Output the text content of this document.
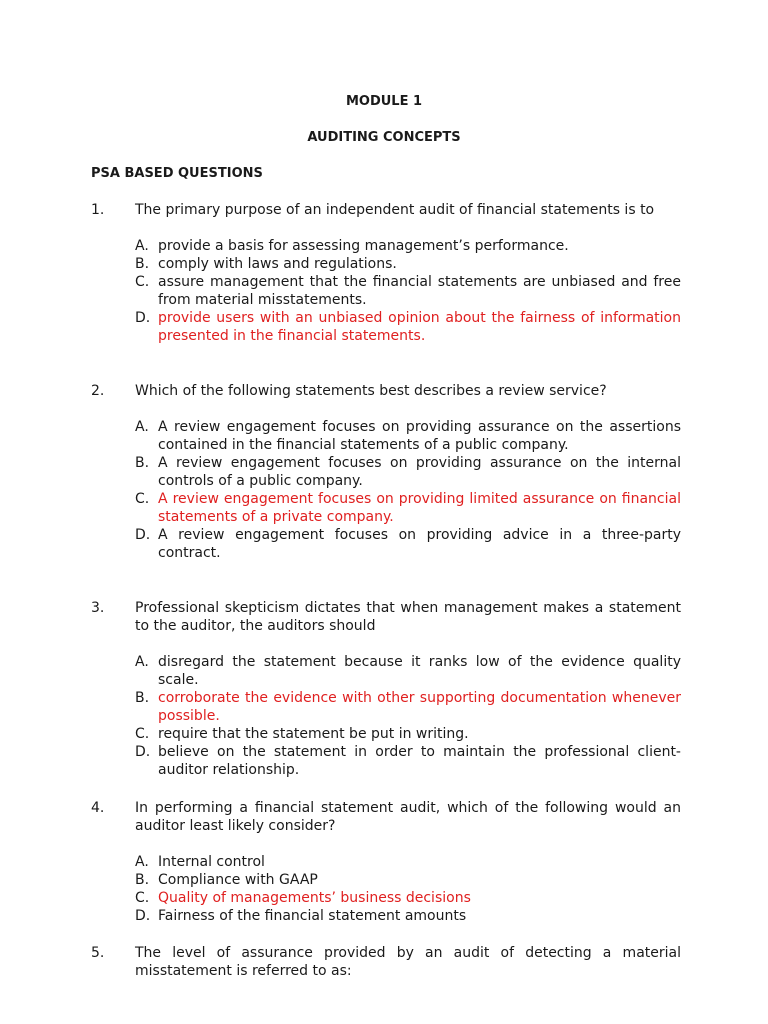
MODULE 1
AUDITING CONCEPTS
PSA BASED QUESTIONS
1. The primary purpose of an independent audit of financial statements is to
A. provide a basis for assessing management’s performance.
B. comply with laws and regulations.
C. assure management that the financial statements are unbiased and free from material misstatements.
D. provide users with an unbiased opinion about the fairness of information presented in the financial statements.
2. Which of the following statements best describes a review service?
A. A review engagement focuses on providing assurance on the assertions contained in the financial statements of a public company.
B. A review engagement focuses on providing assurance on the internal controls of a public company.
C. A review engagement focuses on providing limited assurance on financial statements of a private company.
D. A review engagement focuses on providing advice in a three-party contract.
3. Professional skepticism dictates that when management makes a statement to the auditor, the auditors should
A. disregard the statement because it ranks low of the evidence quality scale.
B. corroborate the evidence with other supporting documentation whenever possible.
C. require that the statement be put in writing.
D. believe on the statement in order to maintain the professional client-auditor relationship.
4. In performing a financial statement audit, which of the following would an auditor least likely consider?
A. Internal control
B. Compliance with GAAP
C. Quality of managements’ business decisions
D. Fairness of the financial statement amounts
5. The level of assurance provided by an audit of detecting a material misstatement is referred to as:
